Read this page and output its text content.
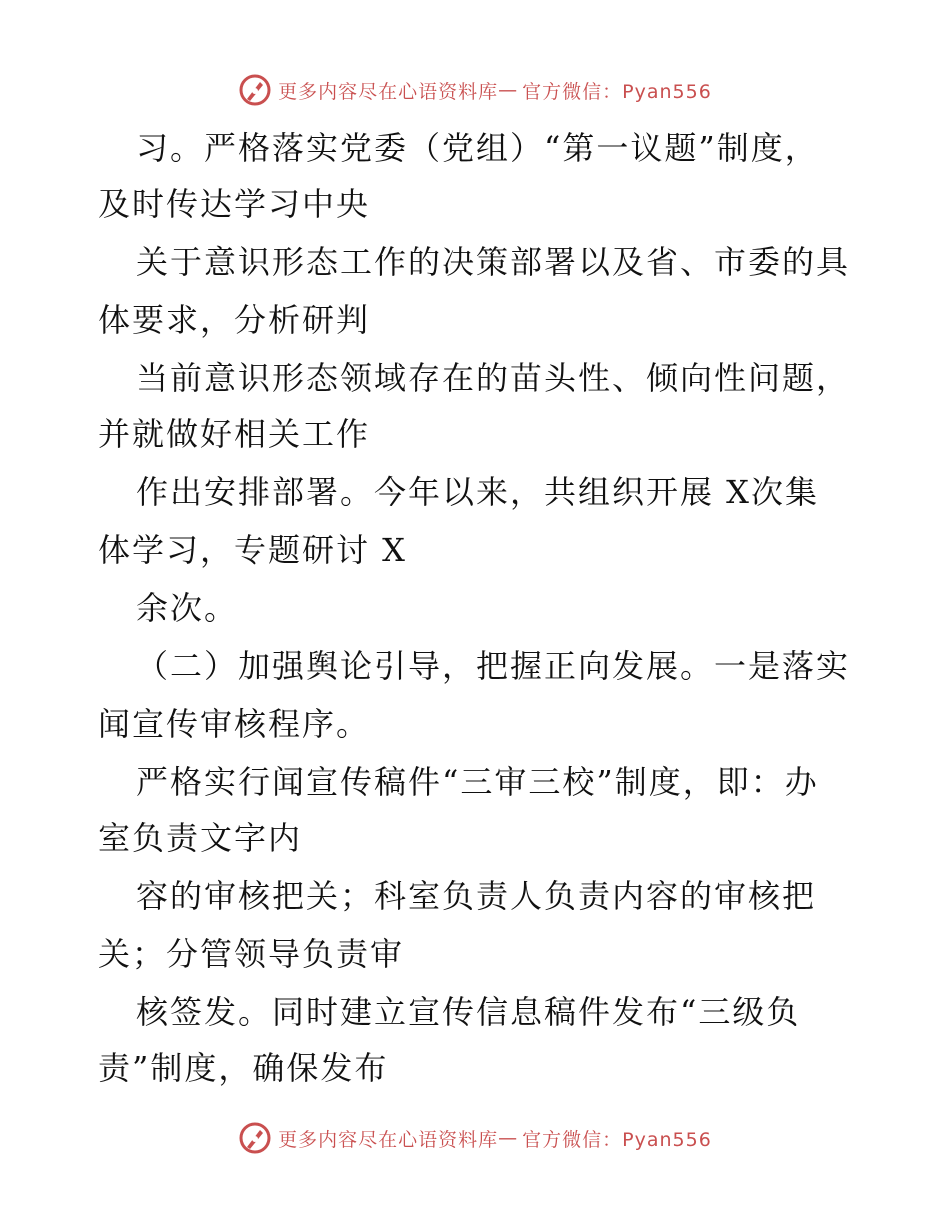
更多内容尽在心语资料库 — 官方微信：Pyan556
习。严格落实党委（党组）“第一议题”制度，
及时传达学习中央
关于意识形态工作的决策部署以及省、市委的具
体要求，分析研判
当前意识形态领域存在的苗头性、倾向性问题，
并就做好相关工作
作出安排部署。今年以来，共组织开展 X次集
体学习，专题研讨 X
余次。
（二）加强舆论引导，把握正向发展。一是落实
闻宣传审核程序。
严格实行闻宣传稿件“三审三校”制度，即：办
室负责文字内
容的审核把关；科室负责人负责内容的审核把
关；分管领导负责审
核签发。同时建立宣传信息稿件发布“三级负
责”制度，确保发布
更多内容尽在心语资料库 — 官方微信：Pyan556
